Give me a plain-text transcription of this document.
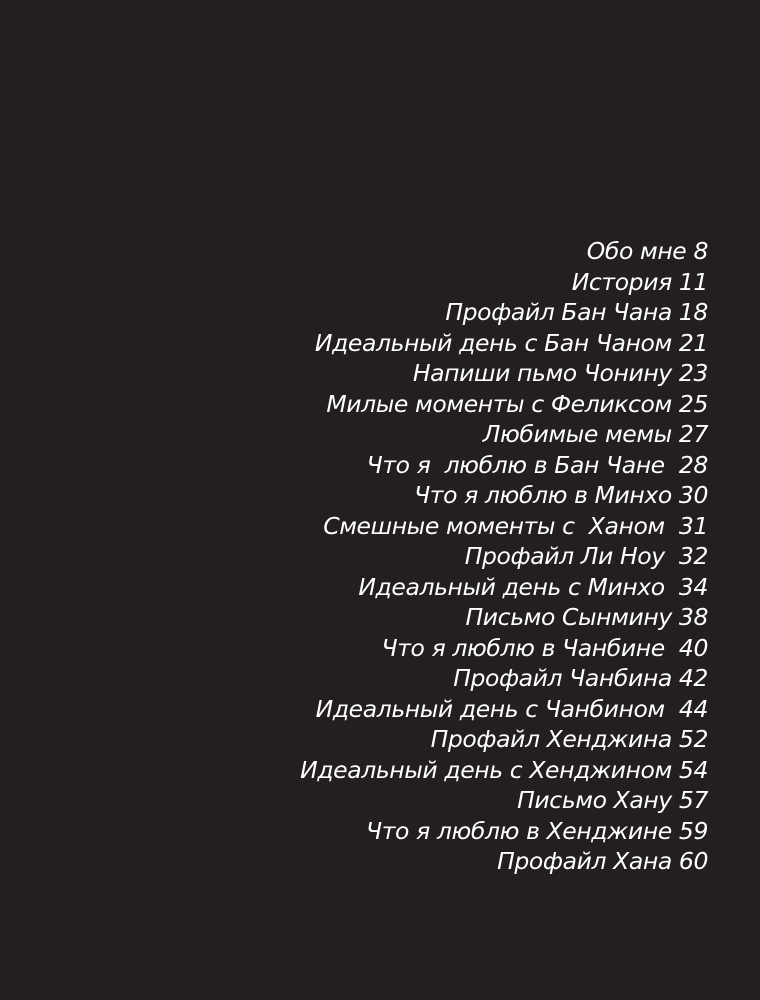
Обо мне 8
История 11
Профайл Бан Чана 18
Идеальный день с Бан Чаном 21
Напиши пьмо Чонину 23
Милые моменты с Феликсом 25
Любимые мемы 27
Что я  люблю в Бан Чане  28
Что я люблю в Минхо 30
Смешные моменты с  Ханом  31
Профайл Ли Ноу  32
Идеальный день с Минхо  34
Письмо Сынмину 38
Что я люблю в Чанбине  40
Профайл Чанбина 42
Идеальный день с Чанбином  44
Профайл Хенджина 52
Идеальный день с Хенджином 54
Письмо Хану 57
Что я люблю в Хенджине 59
Профайл Хана 60
